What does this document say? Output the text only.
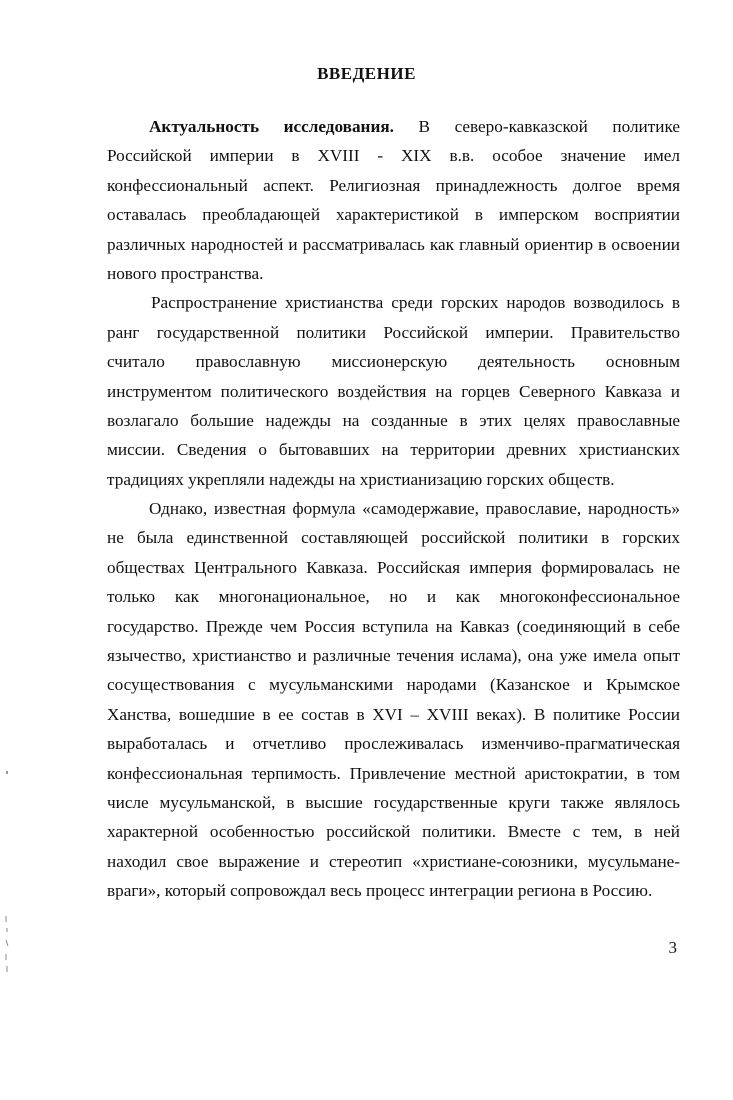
ВВЕДЕНИЕ
Актуальность исследования. В северо-кавказской политике
Российской империи в XVIII - XIX в.в. особое значение имел
конфессиональный аспект. Религиозная принадлежность долгое время
оставалась преобладающей характеристикой в имперском восприятии
различных народностей и рассматривалась как главный ориентир в освоении
нового пространства.
Распространение христианства среди горских народов возводилось в
ранг государственной политики Российской империи. Правительство
считало православную миссионерскую деятельность основным
инструментом политического воздействия на горцев Северного Кавказа и
возлагало большие надежды на созданные в этих целях православные
миссии. Сведения о бытовавших на территории древних христианских
традициях укрепляли надежды на христианизацию горских обществ.
Однако, известная формула «самодержавие, православие, народность»
не была единственной составляющей российской политики в горских
обществах Центрального Кавказа. Российская империя формировалась не
только как многонациональное, но и как многоконфессиональное
государство. Прежде чем Россия вступила на Кавказ (соединяющий в себе
язычество, христианство и различные течения ислама), она уже имела опыт
сосуществования с мусульманскими народами (Казанское и Крымское
Ханства, вошедшие в ее состав в XVI – XVIII веках). В политике России
выработалась и отчетливо прослеживалась изменчиво-прагматическая
конфессиональная терпимость. Привлечение местной аристократии, в том
числе мусульманской, в высшие государственные круги также являлось
характерной особенностью российской политики. Вместе с тем, в ней
находил свое выражение и стереотип «христиане-союзники, мусульмане-
враги», который сопровождал весь процесс интеграции региона в Россию.
3
